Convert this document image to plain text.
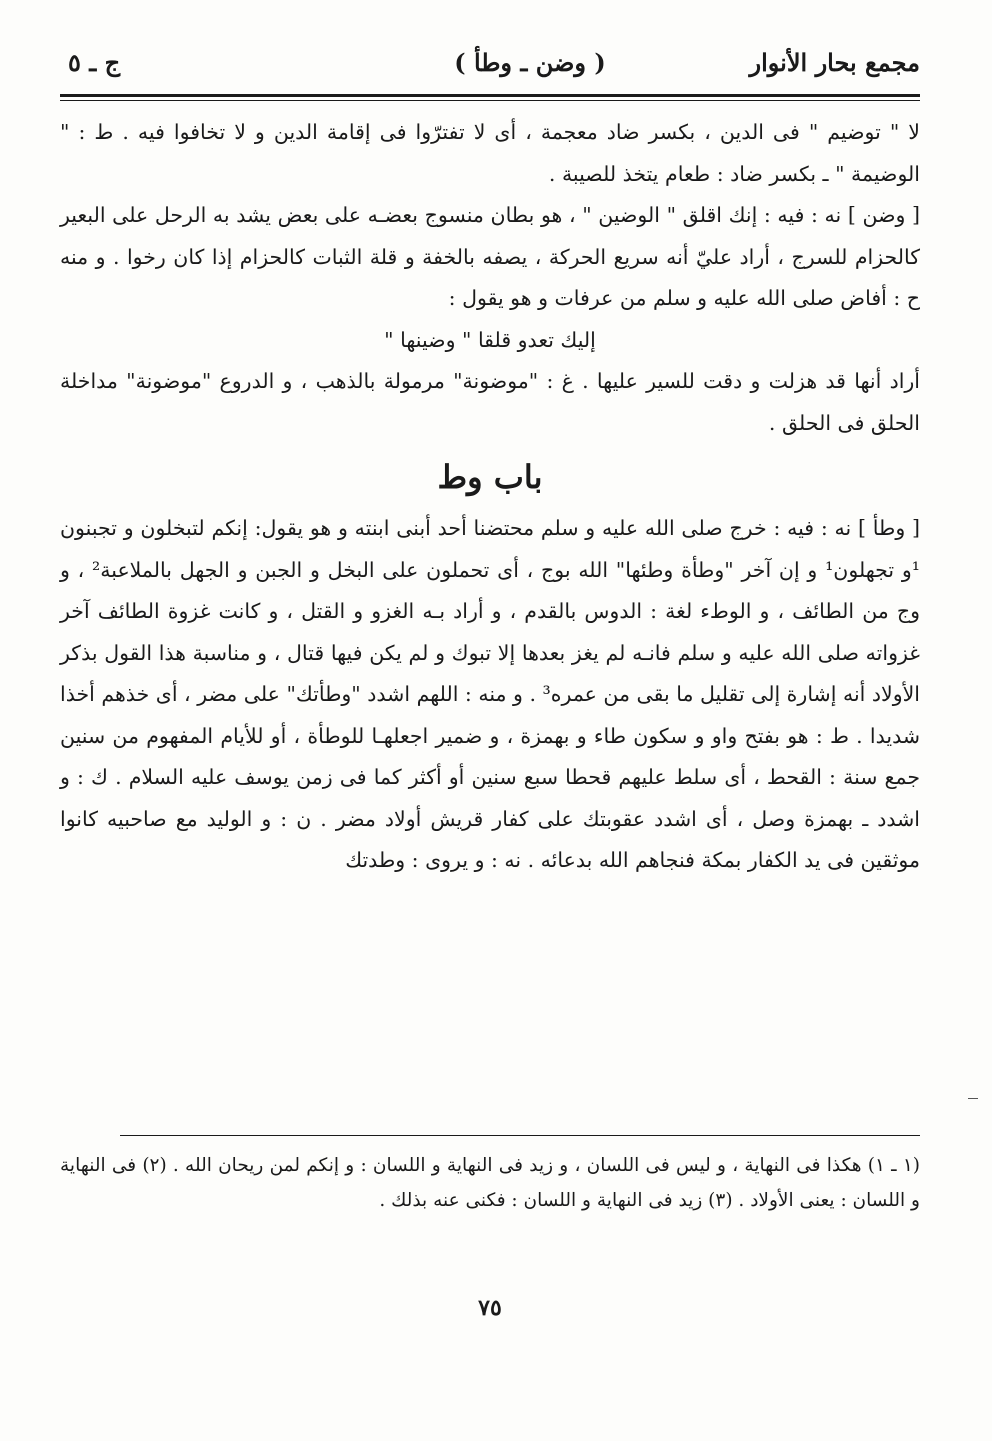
مجمع بحار الأنوار
( وضن ـ وطأ )
ج ـ ٥

لا " توضيم " فى الدين ، بكسر ضاد معجمة ، أى لا تفترّوا فى إقامة الدين و لا تخافوا فيه . ط : " الوضيمة " ـ بكسر ضاد : طعام يتخذ للصيبة .

[ وضن ] نه : فيه : إنك اقلق " الوضين " ، هو بطان منسوج بعضـه على بعض يشد به الرحل على البعير كالحزام للسرج ، أراد عليّ أنه سريع الحركة ، يصفه بالخفة و قلة الثبات كالحزام إذا كان رخوا . و منه ح : أفاض صلى الله عليه و سلم من عرفات و هو يقول :

إليك تعدو قلقا " وضينها "

أراد أنها قد هزلت و دقت للسير عليها . غ : "موضونة" مرمولة بالذهب ، و الدروع "موضونة" مداخلة الحلق فى الحلق .

باب وط

[ وطأ ] نه : فيه : خرج صلى الله عليه و سلم محتضنا أحد أبنى ابنته و هو يقول: إنكم لتبخلون و تجبنون ¹و تجهلون¹ و إن آخر "وطأة وطئها" الله بوج ، أى تحملون على البخل و الجبن و الجهل بالملاعبة² ، و وج من الطائف ، و الوطء لغة : الدوس بالقدم ، و أراد بـه الغزو و القتل ، و كانت غزوة الطائف آخر غزواته صلى الله عليه و سلم فانـه لم يغز بعدها إلا تبوك و لم يكن فيها قتال ، و مناسبة هذا القول بذكر الأولاد أنه إشارة إلى تقليل ما بقى من عمره³ . و منه : اللهم اشدد "وطأتك" على مضر ، أى خذهم أخذا شديدا . ط : هو بفتح واو و سكون طاء و بهمزة ، و ضمير اجعلهـا للوطأة ، أو للأيام المفهوم من سنين جمع سنة : القحط ، أى سلط عليهم قحطا سبع سنين أو أكثر كما فى زمن يوسف عليه السلام . ك : و اشدد ـ بهمزة وصل ، أى اشدد عقوبتك على كفار قريش أولاد مضر . ن : و الوليد مع صاحبيه كانوا موثقين فى يد الكفار بمكة فنجاهم الله بدعائه . نه : و يروى : وطدتك

(١ ـ ١) هكذا فى النهاية ، و ليس فى اللسان ، و زيد فى النهاية و اللسان : و إنكم لمن ريحان الله . (٢) فى النهاية و اللسان : يعنى الأولاد . (٣) زيد فى النهاية و اللسان : فكنى عنه بذلك .

٧٥
